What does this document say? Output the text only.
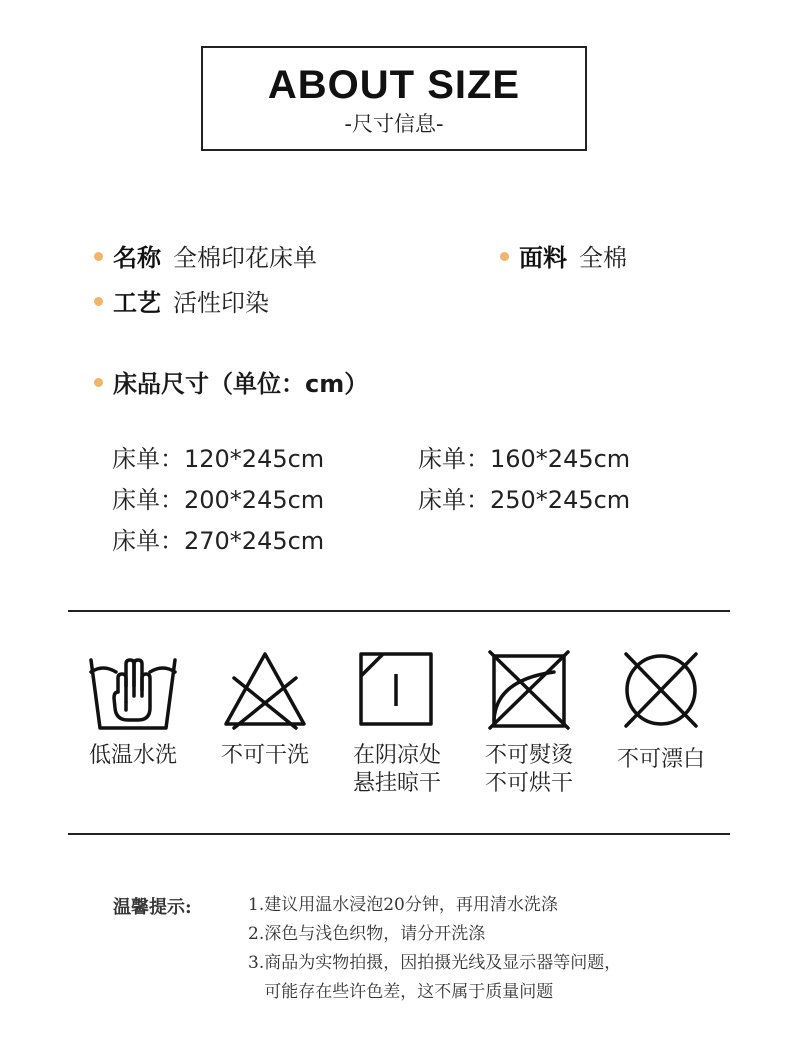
ABOUT SIZE
-尺寸信息-
名称 全棉印花床单	面料 全棉
工艺 活性印染
床品尺寸（单位：cm）
床单：120*245cm	床单：160*245cm
床单：200*245cm	床单：250*245cm
床单：270*245cm
低温水洗	不可干洗	在阴凉处
悬挂晾干
不可熨烫
不可烘干
不可漂白
温馨提示:	1.建议用温水浸泡20分钟，再用清水洗涤
2.深色与浅色织物，请分开洗涤
3.商品为实物拍摄，因拍摄光线及显示器等问题，
可能存在些许色差，这不属于质量问题
